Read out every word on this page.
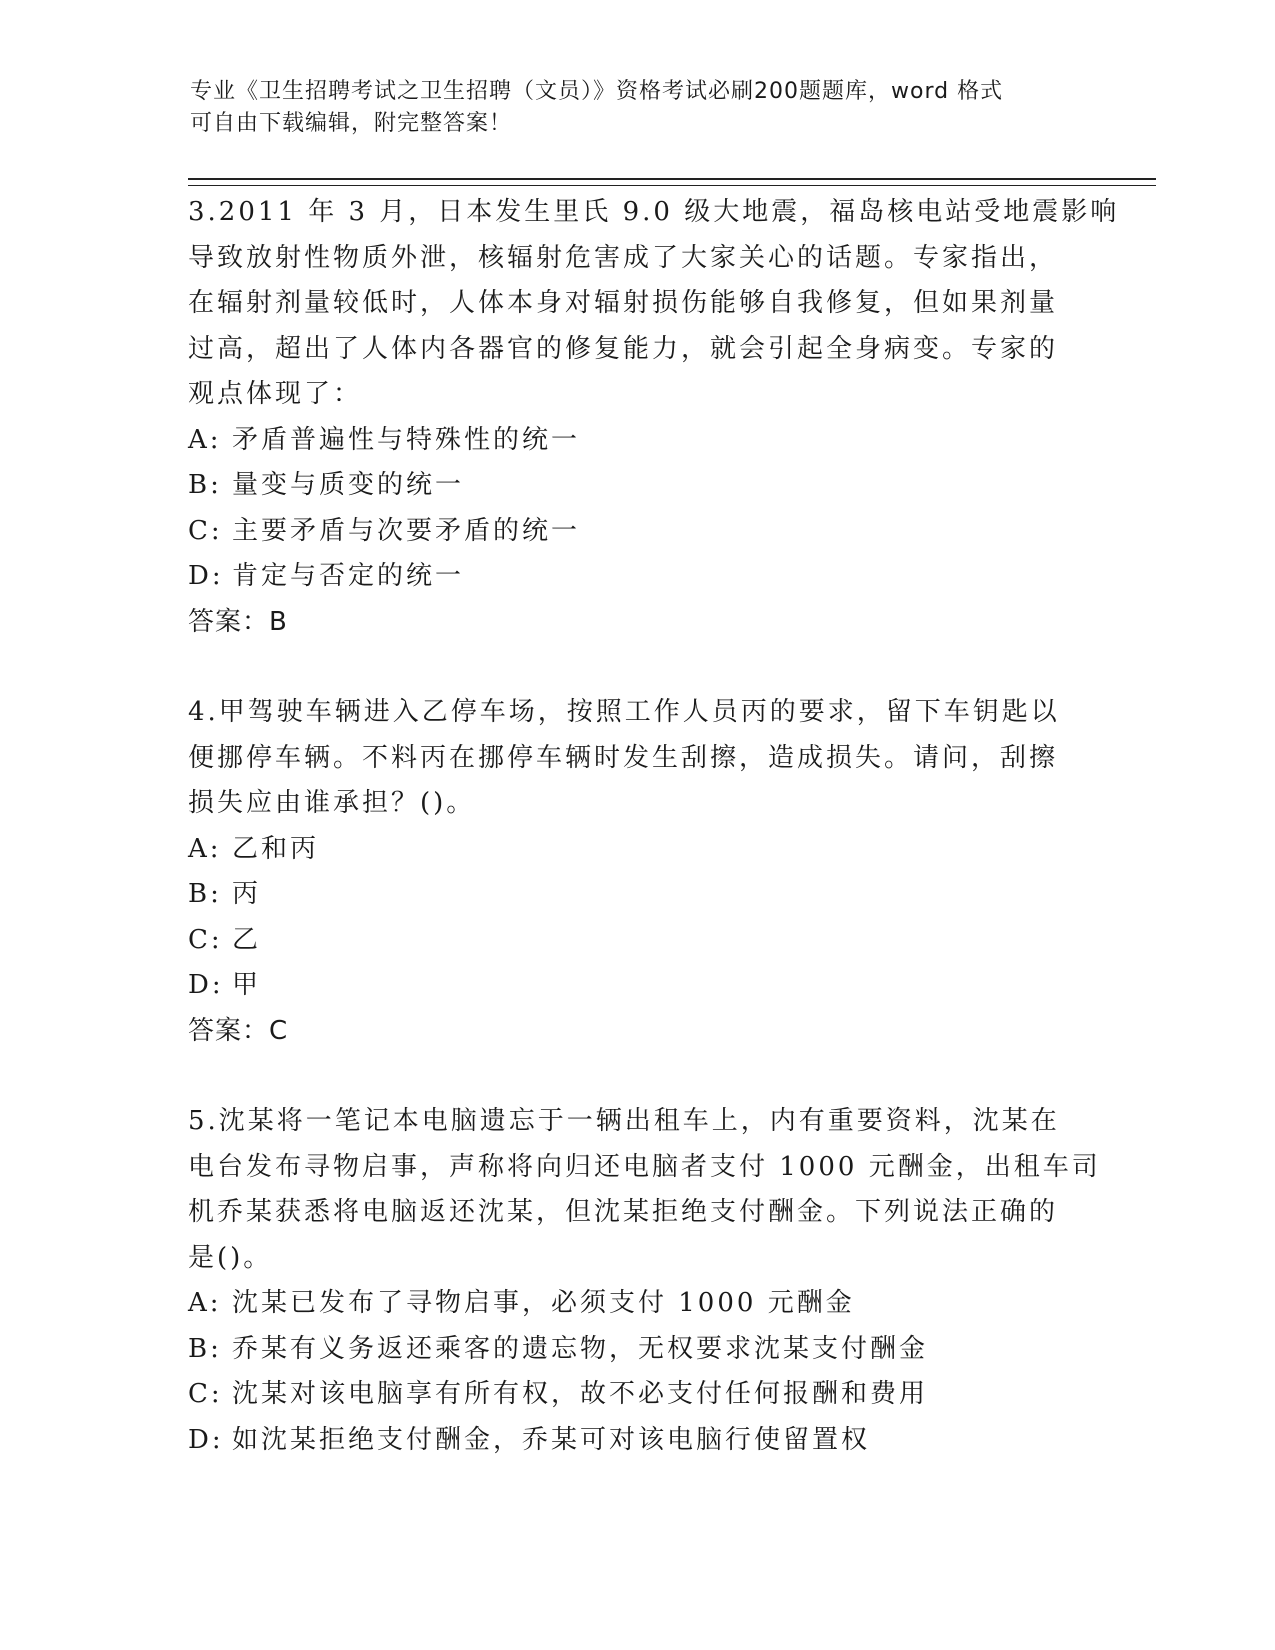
专业《卫生招聘考试之卫生招聘（文员）》资格考试必刷200题题库，word 格式
可自由下载编辑，附完整答案！
3.2011 年 3 月，日本发生里氏 9.0 级大地震，福岛核电站受地震影响
导致放射性物质外泄，核辐射危害成了大家关心的话题。专家指出，
在辐射剂量较低时，人体本身对辐射损伤能够自我修复，但如果剂量
过高，超出了人体内各器官的修复能力，就会引起全身病变。专家的
观点体现了：
A: 矛盾普遍性与特殊性的统一
B: 量变与质变的统一
C: 主要矛盾与次要矛盾的统一
D: 肯定与否定的统一
答案：B
4.甲驾驶车辆进入乙停车场，按照工作人员丙的要求，留下车钥匙以
便挪停车辆。不料丙在挪停车辆时发生刮擦，造成损失。请问，刮擦
损失应由谁承担？()。
A: 乙和丙
B: 丙
C: 乙
D: 甲
答案：C
5.沈某将一笔记本电脑遗忘于一辆出租车上，内有重要资料，沈某在
电台发布寻物启事，声称将向归还电脑者支付 1000 元酬金，出租车司
机乔某获悉将电脑返还沈某，但沈某拒绝支付酬金。下列说法正确的
是()。
A: 沈某已发布了寻物启事，必须支付 1000 元酬金
B: 乔某有义务返还乘客的遗忘物，无权要求沈某支付酬金
C: 沈某对该电脑享有所有权，故不必支付任何报酬和费用
D: 如沈某拒绝支付酬金，乔某可对该电脑行使留置权
